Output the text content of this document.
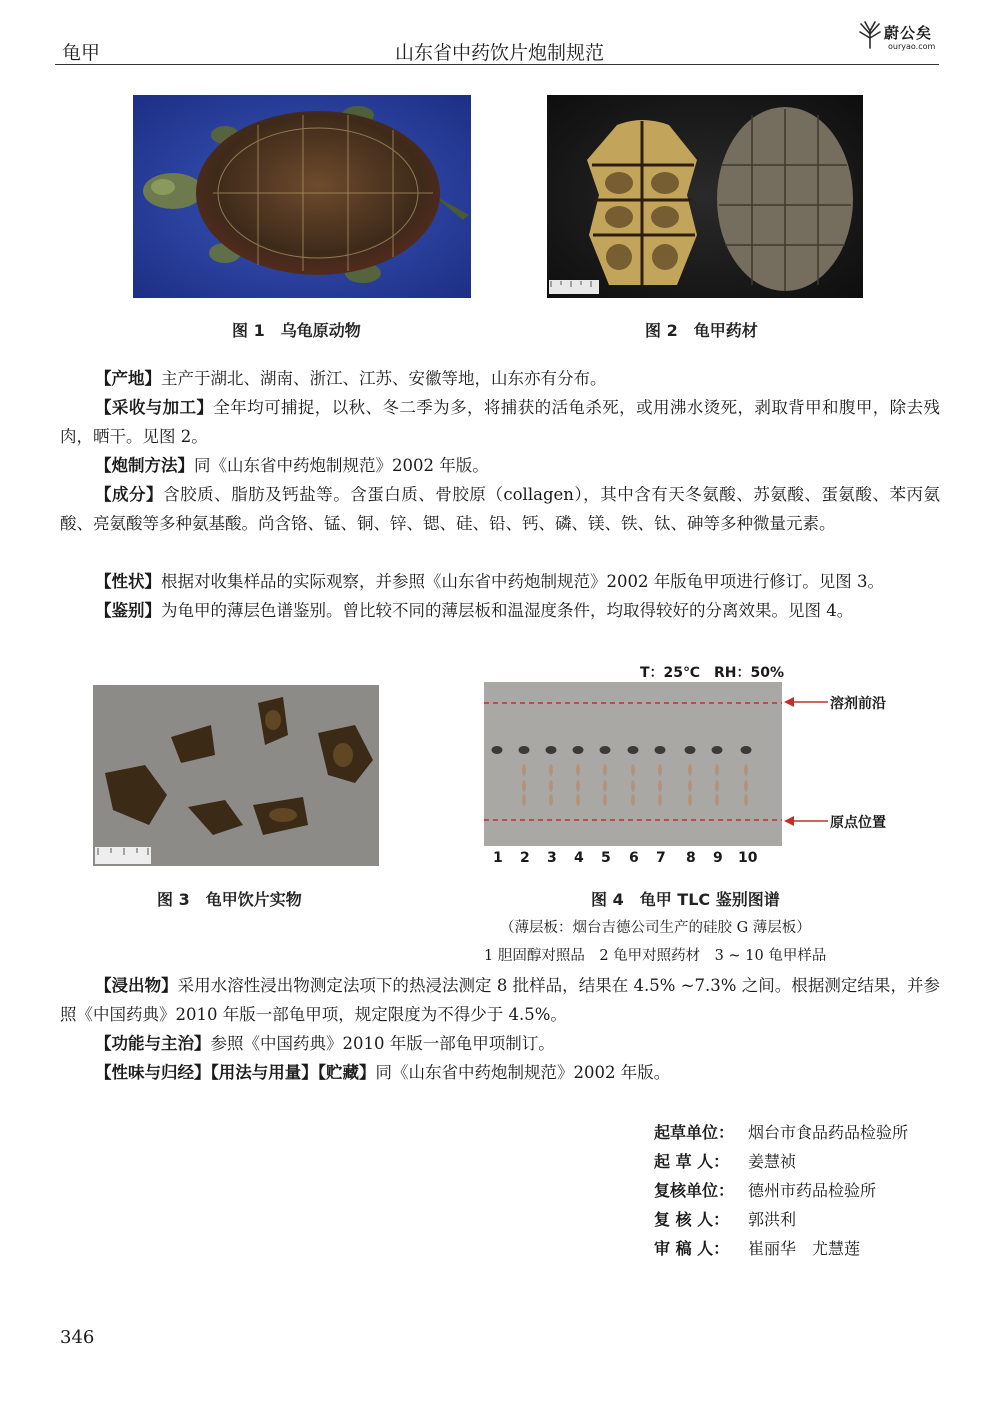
龟甲	山东省中药饮片炮制规范
蔚公矣
ouryao.com
图 1　乌龟原动物	图 2　龟甲药材
【产地】主产于湖北、湖南、浙江、江苏、安徽等地，山东亦有分布。
【采收与加工】全年均可捕捉，以秋、冬二季为多，将捕获的活龟杀死，或用沸水烫死，剥取背甲和腹甲，除去残肉，晒干。见图 2。
【炮制方法】同《山东省中药炮制规范》2002 年版。
【成分】含胶质、脂肪及钙盐等。含蛋白质、骨胶原（collagen），其中含有天冬氨酸、苏氨酸、蛋氨酸、苯丙氨酸、亮氨酸等多种氨基酸。尚含铬、锰、铜、锌、锶、硅、铅、钙、磷、镁、铁、钛、砷等多种微量元素。
【性状】根据对收集样品的实际观察，并参照《山东省中药炮制规范》2002 年版龟甲项进行修订。见图 3。
【鉴别】为龟甲的薄层色谱鉴别。曾比较不同的薄层板和温湿度条件，均取得较好的分离效果。见图 4。
T：25℃　RH：50%
溶剂前沿
原点位置
1 2 3 4 5 6 7 8 9 10
图 3　龟甲饮片实物	图 4　龟甲 TLC 鉴别图谱
（薄层板：烟台吉德公司生产的硅胶 G 薄层板）
1 胆固醇对照品　2 龟甲对照药材　3 ~ 10 龟甲样品
【浸出物】采用水溶性浸出物测定法项下的热浸法测定 8 批样品，结果在 4.5% ~7.3% 之间。根据测定结果，并参照《中国药典》2010 年版一部龟甲项，规定限度为不得少于 4.5%。
【功能与主治】参照《中国药典》2010 年版一部龟甲项制订。
【性味与归经】【用法与用量】【贮藏】同《山东省中药炮制规范》2002 年版。
起草单位： 烟台市食品药品检验所
起 草 人： 姜慧祯
复核单位： 德州市药品检验所
复 核 人： 郭洪利
审 稿 人： 崔丽华　尤慧莲
346
